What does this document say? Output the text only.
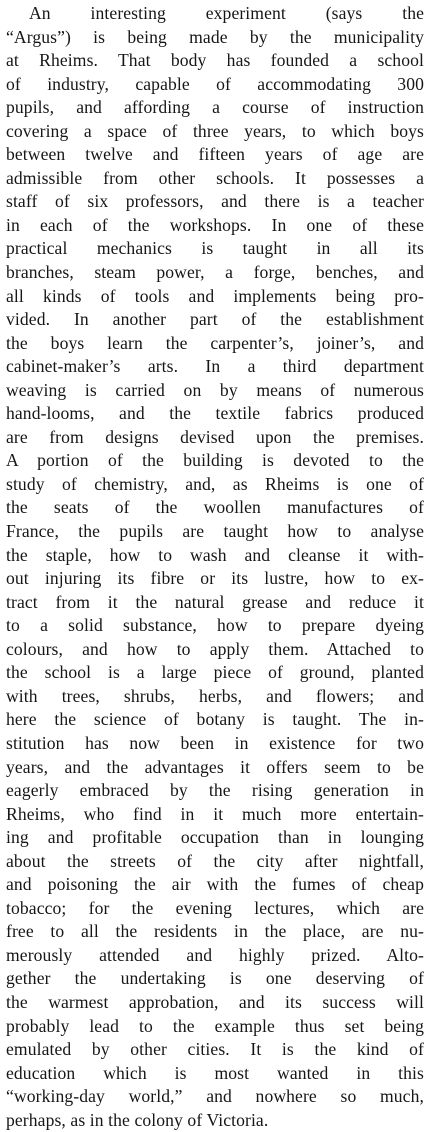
An interesting experiment (says the
“Argus”) is being made by the municipality
at Rheims. That body has founded a school
of industry, capable of accommodating 300
pupils, and affording a course of instruction
covering a space of three years, to which boys
between twelve and fifteen years of age are
admissible from other schools. It possesses a
staff of six professors, and there is a teacher
in each of the workshops. In one of these
practical mechanics is taught in all its
branches, steam power, a forge, benches, and
all kinds of tools and implements being pro-
vided. In another part of the establishment
the boys learn the carpenter’s, joiner’s, and
cabinet-maker’s arts. In a third department
weaving is carried on by means of numerous
hand-looms, and the textile fabrics produced
are from designs devised upon the premises.
A portion of the building is devoted to the
study of chemistry, and, as Rheims is one of
the seats of the woollen manufactures of
France, the pupils are taught how to analyse
the staple, how to wash and cleanse it with-
out injuring its fibre or its lustre, how to ex-
tract from it the natural grease and reduce it
to a solid substance, how to prepare dyeing
colours, and how to apply them. Attached to
the school is a large piece of ground, planted
with trees, shrubs, herbs, and flowers; and
here the science of botany is taught. The in-
stitution has now been in existence for two
years, and the advantages it offers seem to be
eagerly embraced by the rising generation in
Rheims, who find in it much more entertain-
ing and profitable occupation than in lounging
about the streets of the city after nightfall,
and poisoning the air with the fumes of cheap
tobacco; for the evening lectures, which are
free to all the residents in the place, are nu-
merously attended and highly prized. Alto-
gether the undertaking is one deserving of
the warmest approbation, and its success will
probably lead to the example thus set being
emulated by other cities. It is the kind of
education which is most wanted in this
“working-day world,” and nowhere so much,
perhaps, as in the colony of Victoria.
